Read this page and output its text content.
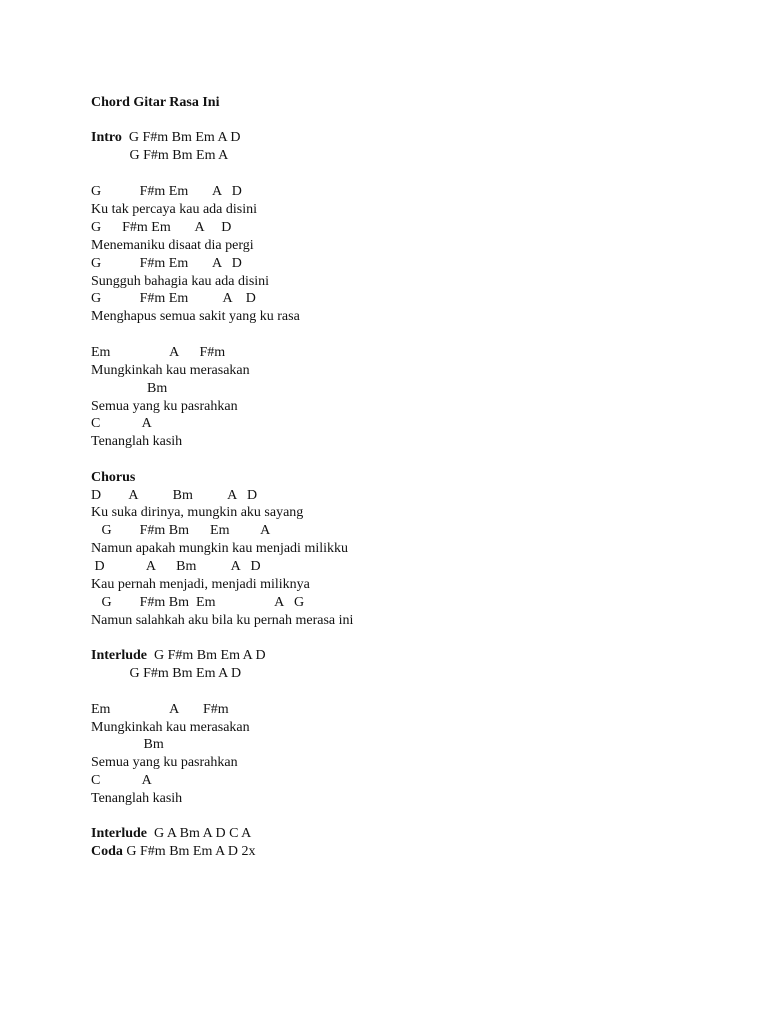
Chord Gitar Rasa Ini
Intro  G F#m Bm Em A D
G F#m Bm Em A
G           F#m Em       A   D
Ku tak percaya kau ada disini
G      F#m Em       A     D
Menemaniku disaat dia pergi
G           F#m Em       A   D
Sungguh bahagia kau ada disini
G           F#m Em          A    D
Menghapus semua sakit yang ku rasa
Em                 A      F#m
Mungkinkah kau merasakan
Bm
Semua yang ku pasrahkan
C            A
Tenanglah kasih
Chorus
D        A          Bm          A   D
Ku suka dirinya, mungkin aku sayang
G        F#m Bm      Em         A
Namun apakah mungkin kau menjadi milikku
D            A      Bm          A   D
Kau pernah menjadi, menjadi miliknya
G        F#m Bm  Em                 A   G
Namun salahkah aku bila ku pernah merasa ini
Interlude  G F#m Bm Em A D
G F#m Bm Em A D
Em                 A       F#m
Mungkinkah kau merasakan
Bm
Semua yang ku pasrahkan
C            A
Tenanglah kasih
Interlude  G A Bm A D C A
Coda G F#m Bm Em A D 2x
